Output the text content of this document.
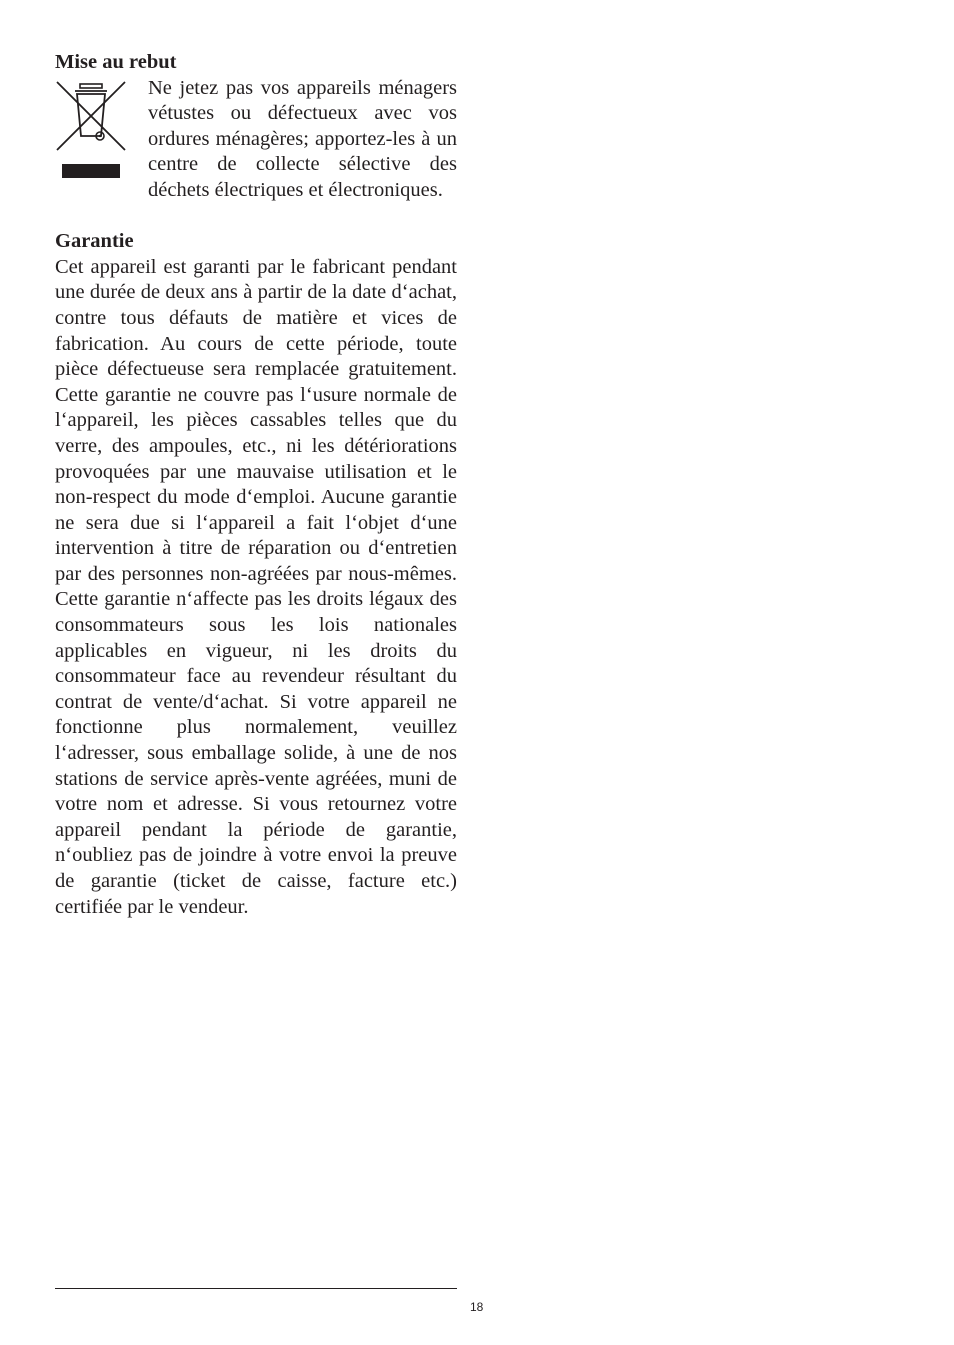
Mise au rebut

Ne jetez pas vos appareils ménagers vétustes ou défectueux avec vos ordures ménagères; apportez-les à un centre de collecte sélective des déchets électriques et électroniques.

Garantie

Cet appareil est garanti par le fabricant pendant une durée de deux ans à partir de la date d‘achat, contre tous défauts de matière et vices de fabrication. Au cours de cette période, toute pièce défectueuse sera remplacée gratuitement. Cette garantie ne couvre pas l‘usure normale de l‘appareil, les pièces cassables telles que du verre, des ampoules, etc., ni les détériorations provoquées par une mauvaise utilisation et le non-respect du mode d‘emploi. Aucune garantie ne sera due si l‘appareil a fait l‘objet d‘une intervention à titre de réparation ou d‘entretien par des personnes non-agréées par nous-mêmes. Cette garantie n‘affecte pas les droits légaux des consommateurs sous les lois nationales applicables en vigueur, ni les droits du consommateur face au revendeur résultant du contrat de vente/d‘achat. Si votre appareil ne fonctionne plus normalement, veuillez l‘adresser, sous emballage solide, à une de nos stations de service après-vente agréées, muni de votre nom et adresse. Si vous retournez votre appareil pendant la période de garantie, n‘oubliez pas de joindre à votre envoi la preuve de garantie (ticket de caisse, facture etc.) certifiée par le vendeur.

18
